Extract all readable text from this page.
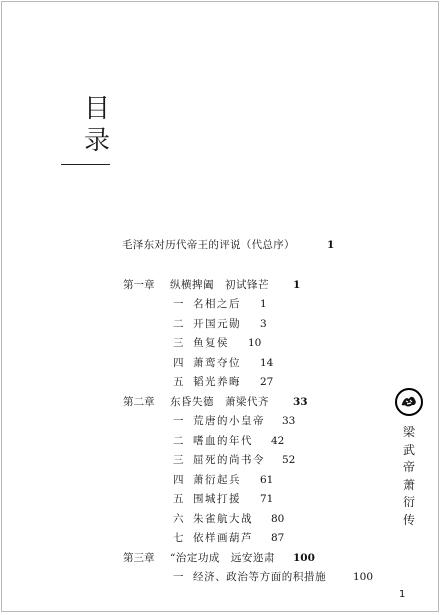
目
录
毛泽东对历代帝王的评说（代总序）	1
第一章 纵横捭阖　初试锋芒 1
一 名相之后 1
二 开国元勋 3
三 鱼复侯 10
四 萧鸾夺位 14
五 韬光养晦 27
第二章 东昏失德　萧梁代齐 33
一 荒唐的小皇帝 33
二 嗜血的年代 42
三 屈死的尚书令 52
四 萧衍起兵 61
五 围城打援 71
六 朱雀航大战 80
七 依样画葫芦 87
第三章 “治定功成　远安迩肃 100
一 经济、政治等方面的积措施	100
梁
武
帝
萧
衍
传
1
